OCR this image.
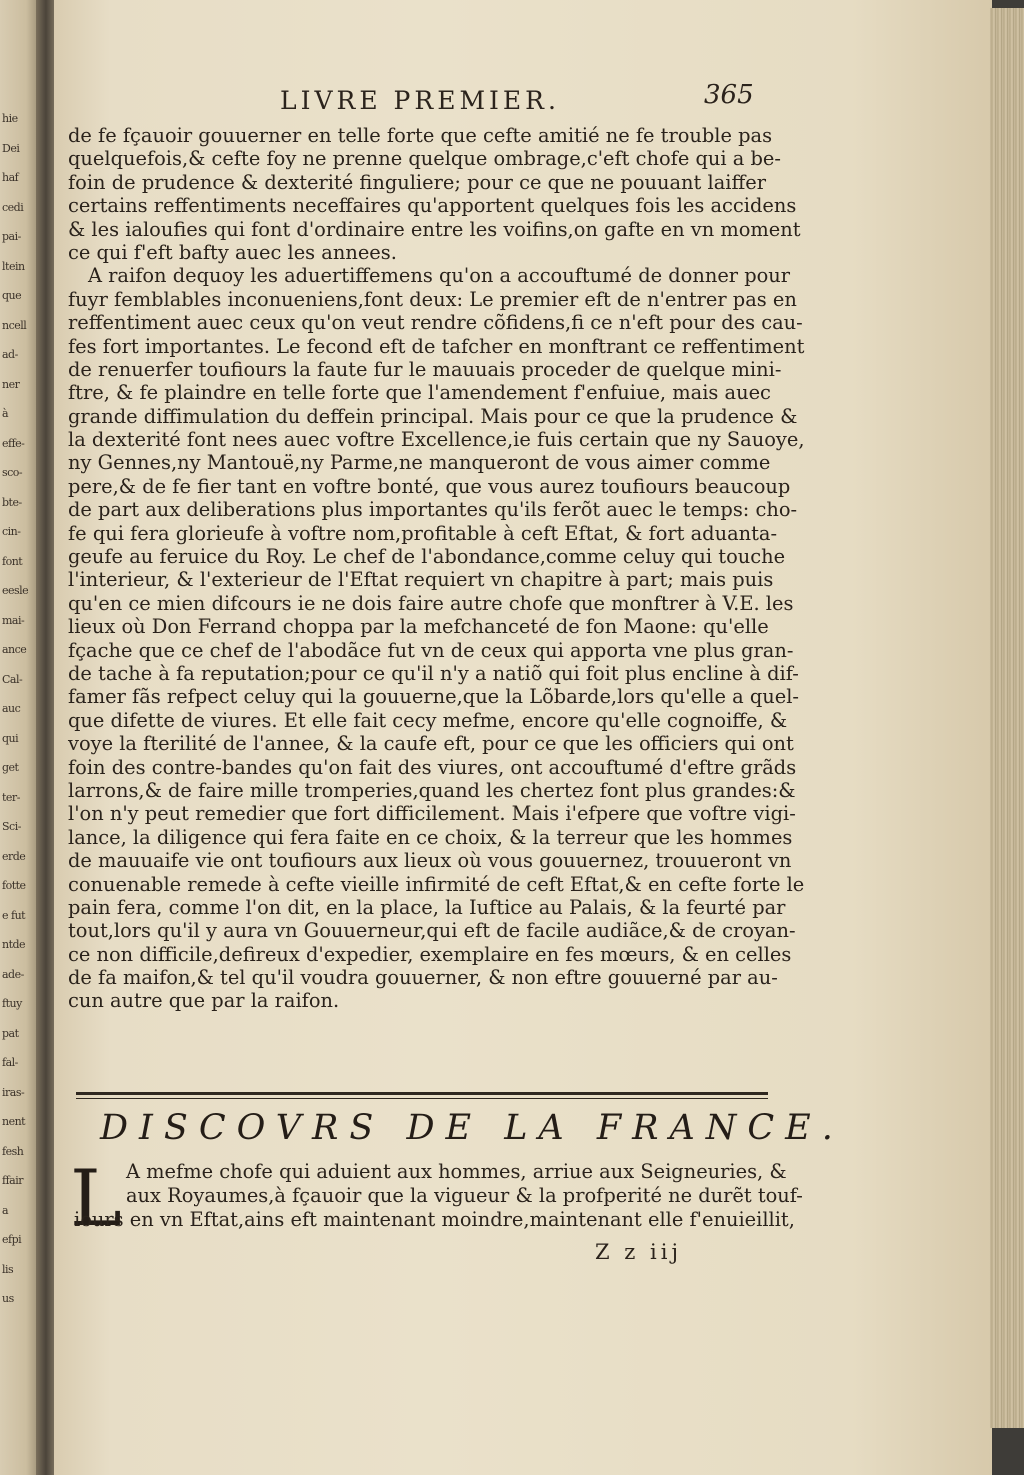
hie
Dei
haf
cedi
pai-
ltein
que
ncell
ad-
ner
à
effe-
sco-
bte-
cin-
font
eesle
mai-
ance
Cal-
auc
qui
get
ter-
Sci-
erde
fotte
e fut
ntde
ade-
ftuy
pat
fal-
iras-
nent
fesh
ffair
a
efpi
lis
us
LIVRE PREMIER.	365
de fe fçauoir gouuerner en telle forte que cefte amitié ne fe trouble pas
quelquefois,& cefte foy ne prenne quelque ombrage,c'eft chofe qui a be-
foin de prudence & dexterité finguliere; pour ce que ne pouuant laiffer
certains reffentiments neceffaires qu'apportent quelques fois les accidens
& les ialoufies qui font d'ordinaire entre les voifins,on gafte en vn moment
ce qui f'eft bafty auec les annees.
A raifon dequoy les aduertiffemens qu'on a accouftumé de donner pour
fuyr femblables inconueniens,font deux: Le premier eft de n'entrer pas en
reffentiment auec ceux qu'on veut rendre cõfidens,fi ce n'eft pour des cau-
fes fort importantes. Le fecond eft de tafcher en monftrant ce reffentiment
de renuerfer toufiours la faute fur le mauuais proceder de quelque mini-
ftre, & fe plaindre en telle forte que l'amendement f'enfuiue, mais auec
grande diffimulation du deffein principal. Mais pour ce que la prudence &
la dexterité font nees auec voftre Excellence,ie fuis certain que ny Sauoye,
ny Gennes,ny Mantouë,ny Parme,ne manqueront de vous aimer comme
pere,& de fe fier tant en voftre bonté, que vous aurez toufiours beaucoup
de part aux deliberations plus importantes qu'ils ferõt auec le temps: cho-
fe qui fera glorieufe à voftre nom,profitable à ceft Eftat, & fort aduanta-
geufe au feruice du Roy. Le chef de l'abondance,comme celuy qui touche
l'interieur, & l'exterieur de l'Eftat requiert vn chapitre à part; mais puis
qu'en ce mien difcours ie ne dois faire autre chofe que monftrer à V.E. les
lieux où Don Ferrand choppa par la mefchanceté de fon Maone: qu'elle
fçache que ce chef de l'abodãce fut vn de ceux qui apporta vne plus gran-
de tache à fa reputation;pour ce qu'il n'y a natiõ qui foit plus encline à dif-
famer fãs refpect celuy qui la gouuerne,que la Lõbarde,lors qu'elle a quel-
que difette de viures. Et elle fait cecy mefme, encore qu'elle cognoiffe, &
voye la fterilité de l'annee, & la caufe eft, pour ce que les officiers qui ont
foin des contre-bandes qu'on fait des viures, ont accouftumé d'eftre grãds
larrons,& de faire mille tromperies,quand les chertez font plus grandes:&
l'on n'y peut remedier que fort difficilement. Mais i'efpere que voftre vigi-
lance, la diligence qui fera faite en ce choix, & la terreur que les hommes
de mauuaife vie ont toufiours aux lieux où vous gouuernez, trouueront vn
conuenable remede à cefte vieille infirmité de ceft Eftat,& en cefte forte le
pain fera, comme l'on dit, en la place, la Iuftice au Palais, & la feurté par
tout,lors qu'il y aura vn Gouuerneur,qui eft de facile audiãce,& de croyan-
ce non difficile,defireux d'expedier, exemplaire en fes mœurs, & en celles
de fa maifon,& tel qu'il voudra gouuerner, & non eftre gouuerné par au-
cun autre que par la raifon.
DISCOVRS DE LA FRANCE.
L A mefme chofe qui aduient aux hommes, arriue aux Seigneuries, &
aux Royaumes,à fçauoir que la vigueur & la profperité ne durẽt touf-
iours en vn Eftat,ains eft maintenant moindre,maintenant elle f'enuieillit,
Z z iij
